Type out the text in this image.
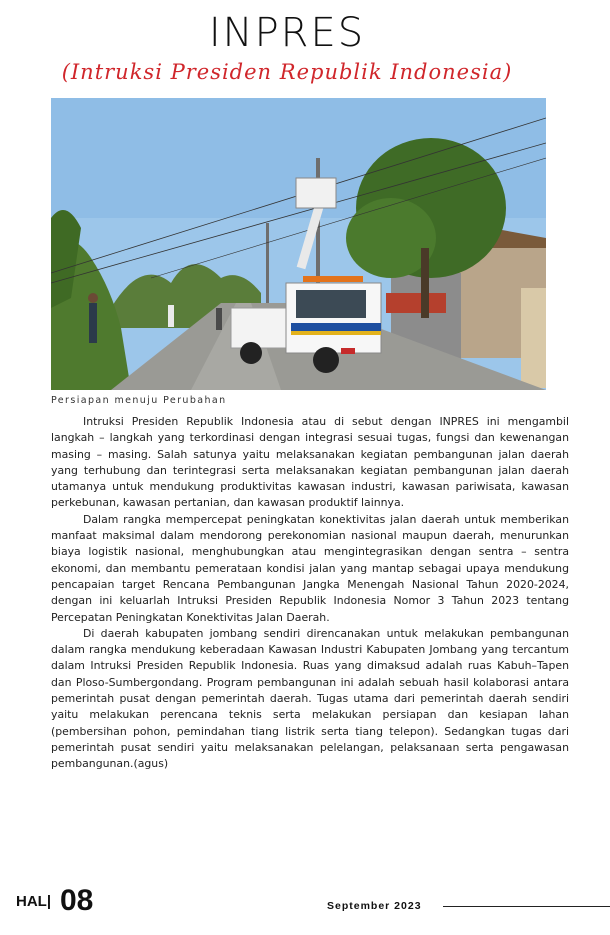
INPRES
(Intruksi Presiden Republik Indonesia)
Persiapan menuju Perubahan

Intruksi Presiden Republik Indonesia atau di sebut dengan INPRES ini mengambil langkah – langkah yang terkordinasi dengan integrasi sesuai tugas, fungsi dan kewenangan masing – masing. Salah satunya yaitu melaksanakan kegiatan pembangunan jalan daerah yang terhubung dan terintegrasi serta melaksanakan kegiatan pembangunan jalan daerah utamanya untuk mendukung produktivitas kawasan industri, kawasan pariwisata, kawasan perkebunan, kawasan pertanian, dan kawasan produktif lainnya.

Dalam rangka mempercepat peningkatan konektivitas jalan daerah untuk memberikan manfaat maksimal dalam mendorong perekonomian nasional maupun daerah, menurunkan biaya logistik nasional, menghubungkan atau mengintegrasikan dengan sentra – sentra ekonomi, dan membantu pemerataan kondisi jalan yang mantap sebagai upaya mendukung pencapaian target Rencana Pembangunan Jangka Menengah Nasional Tahun 2020-2024, dengan ini keluarlah Intruksi Presiden Republik Indonesia Nomor 3 Tahun 2023 tentang Percepatan Peningkatan Konektivitas Jalan Daerah.

Di daerah kabupaten jombang sendiri direncanakan untuk melakukan pembangunan dalam rangka mendukung keberadaan Kawasan Industri Kabupaten Jombang yang tercantum dalam Intruksi Presiden Republik Indonesia. Ruas yang dimaksud adalah ruas Kabuh–Tapen dan Ploso-Sumbergondang. Program pembangunan ini adalah sebuah hasil kolaborasi antara pemerintah pusat dengan pemerintah daerah. Tugas utama dari pemerintah daerah sendiri yaitu melakukan perencana teknis serta melakukan persiapan dan kesiapan lahan (pembersihan pohon, pemindahan tiang listrik serta tiang telepon). Sedangkan tugas dari pemerintah pusat sendiri yaitu melaksanakan pelelangan, pelaksanaan serta pengawasan pembangunan.(agus)

HAL| 08	September 2023
